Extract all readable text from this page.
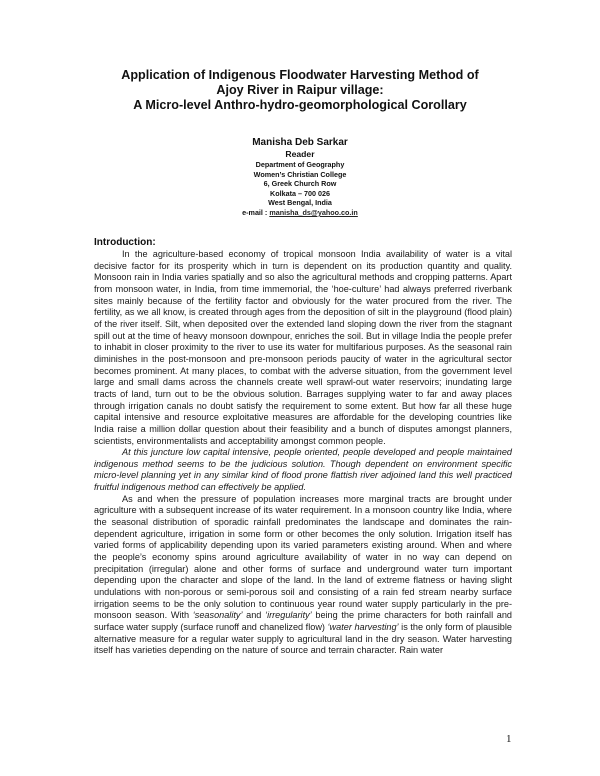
Application of Indigenous Floodwater Harvesting Method of
Ajoy River in Raipur village:
A Micro-level Anthro-hydro-geomorphological Corollary
Manisha Deb Sarkar
Reader
Department of Geography
Women’s Christian College
6, Greek Church Row
Kolkata – 700 026
West Bengal, India
e-mail : manisha_ds@yahoo.co.in
Introduction:

In the agriculture-based economy of tropical monsoon India availability of water is a vital decisive factor for its prosperity which in turn is dependent on its production quantity and quality. Monsoon rain in India varies spatially and so also the agricultural methods and cropping patterns. Apart from monsoon water, in India, from time immemorial, the ‘hoe-culture’ had always preferred riverbank sites mainly because of the fertility factor and obviously for the water procured from the river. The fertility, as we all know, is created through ages from the deposition of silt in the playground (flood plain) of the river itself. Silt, when deposited over the extended land sloping down the river from the stagnant spill out at the time of heavy monsoon downpour, enriches the soil. But in village India the people prefer to inhabit in closer proximity to the river to use its water for multifarious purposes. As the seasonal rain diminishes in the post-monsoon and pre-monsoon periods paucity of water in the agricultural sector becomes prominent. At many places, to combat with the adverse situation, from the government level large and small dams across the channels create well sprawl-out water reservoirs; inundating large tracts of land, turn out to be the obvious solution. Barrages supplying water to far and away places through irrigation canals no doubt satisfy the requirement to some extent. But how far all these huge capital intensive and resource exploitative measures are affordable for the developing countries like India raise a million dollar question about their feasibility and a bunch of disputes amongst planners, scientists, environmentalists and acceptability amongst common people.

At this juncture low capital intensive, people oriented, people developed and people maintained indigenous method seems to be the judicious solution. Though dependent on environment specific micro-level planning yet in any similar kind of flood prone flattish river adjoined land this well practiced fruitful indigenous method can effectively be applied.

As and when the pressure of population increases more marginal tracts are brought under agriculture with a subsequent increase of its water requirement. In a monsoon country like India, where the seasonal distribution of sporadic rainfall predominates the landscape and dominates the rain-dependent agriculture, irrigation in some form or other becomes the only solution. Irrigation itself has varied forms of applicability depending upon its varied parameters existing around. When and where the people’s economy spins around agriculture availability of water in no way can depend on precipitation (irregular) alone and other forms of surface and underground water turn important depending upon the character and slope of the land. In the land of extreme flatness or having slight undulations with non-porous or semi-porous soil and consisting of a rain fed stream nearby surface irrigation seems to be the only solution to continuous year round water supply particularly in the pre-monsoon season. With ‘seasonality’ and ‘irregularity’ being the prime characters for both rainfall and surface water supply (surface runoff and chanelized flow) ‘water harvesting’ is the only form of plausible alternative measure for a regular water supply to agricultural land in the dry season. Water harvesting itself has varieties depending on the nature of source and terrain character. Rain water

1
